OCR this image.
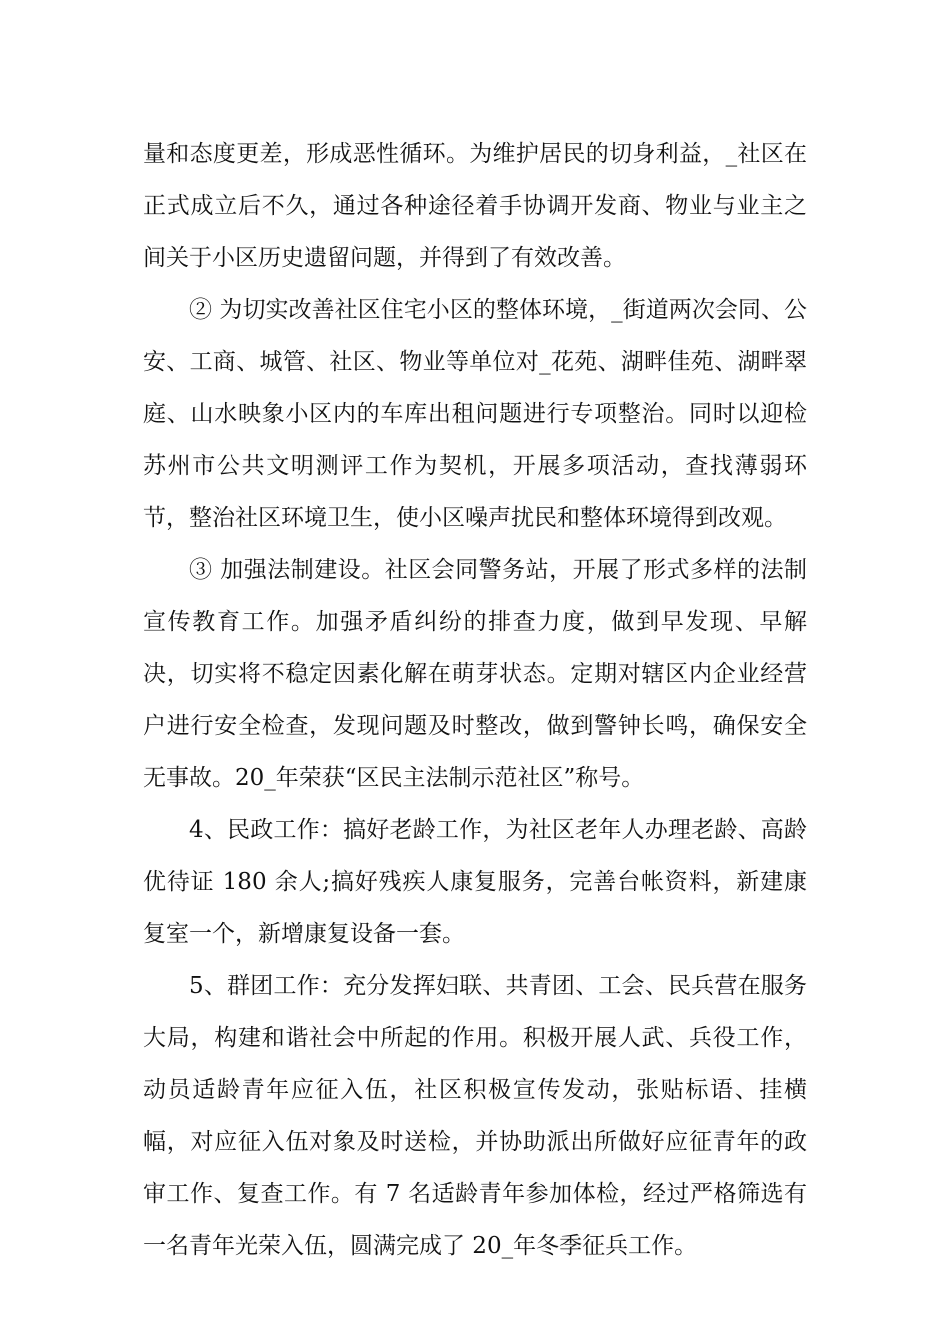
量和态度更差，形成恶性循环。为维护居民的切身利益，_社区在正式成立后不久，通过各种途径着手协调开发商、物业与业主之间关于小区历史遗留问题，并得到了有效改善。

② 为切实改善社区住宅小区的整体环境，_街道两次会同、公安、工商、城管、社区、物业等单位对_花苑、湖畔佳苑、湖畔翠庭、山水映象小区内的车库出租问题进行专项整治。同时以迎检苏州市公共文明测评工作为契机，开展多项活动，查找薄弱环节，整治社区环境卫生，使小区噪声扰民和整体环境得到改观。

③ 加强法制建设。社区会同警务站，开展了形式多样的法制宣传教育工作。加强矛盾纠纷的排查力度，做到早发现、早解决，切实将不稳定因素化解在萌芽状态。定期对辖区内企业经营户进行安全检查，发现问题及时整改，做到警钟长鸣，确保安全无事故。20_年荣获“区民主法制示范社区”称号。

4、民政工作：搞好老龄工作，为社区老年人办理老龄、高龄优待证 180 余人;搞好残疾人康复服务，完善台帐资料，新建康复室一个，新增康复设备一套。

5、群团工作：充分发挥妇联、共青团、工会、民兵营在服务大局，构建和谐社会中所起的作用。积极开展人武、兵役工作，动员适龄青年应征入伍，社区积极宣传发动，张贴标语、挂横幅，对应征入伍对象及时送检，并协助派出所做好应征青年的政审工作、复查工作。有 7 名适龄青年参加体检，经过严格筛选有一名青年光荣入伍，圆满完成了 20_年冬季征兵工作。
